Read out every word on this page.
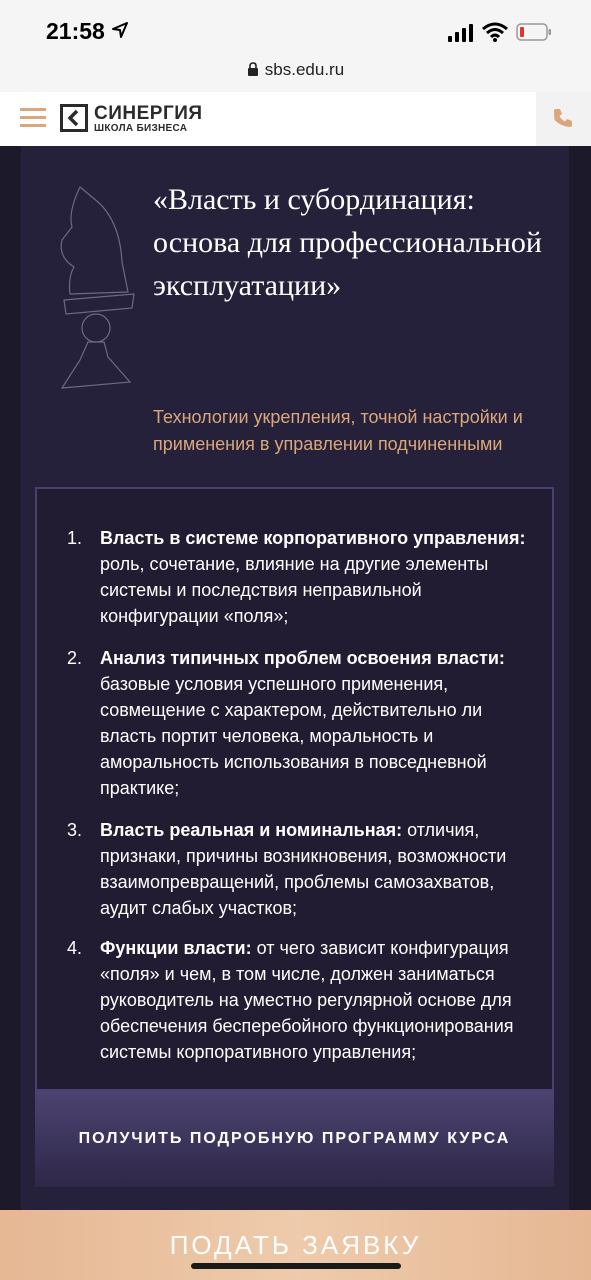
21:58
sbs.edu.ru
СИНЕРГИЯ
ШКОЛА БИЗНЕСА
«Власть и субординация: основа для профессиональной эксплуатации»
Технологии укрепления, точной настройки и применения в управлении подчиненными
1. Власть в системе корпоративного управления: роль, сочетание, влияние на другие элементы системы и последствия неправильной конфигурации «поля»;
2. Анализ типичных проблем освоения власти: базовые условия успешного применения, совмещение с характером, действительно ли власть портит человека, моральность и аморальность использования в повседневной практике;
3. Власть реальная и номинальная: отличия, признаки, причины возникновения, возможности взаимопревращений, проблемы самозахватов, аудит слабых участков;
4. Функции власти: от чего зависит конфигурация «поля» и чем, в том числе, должен заниматься руководитель на уместно регулярной основе для обеспечения бесперебойного функционирования системы корпоративного управления;
ПОЛУЧИТЬ ПОДРОБНУЮ ПРОГРАММУ КУРСА
ПОДАТЬ ЗАЯВКУ
